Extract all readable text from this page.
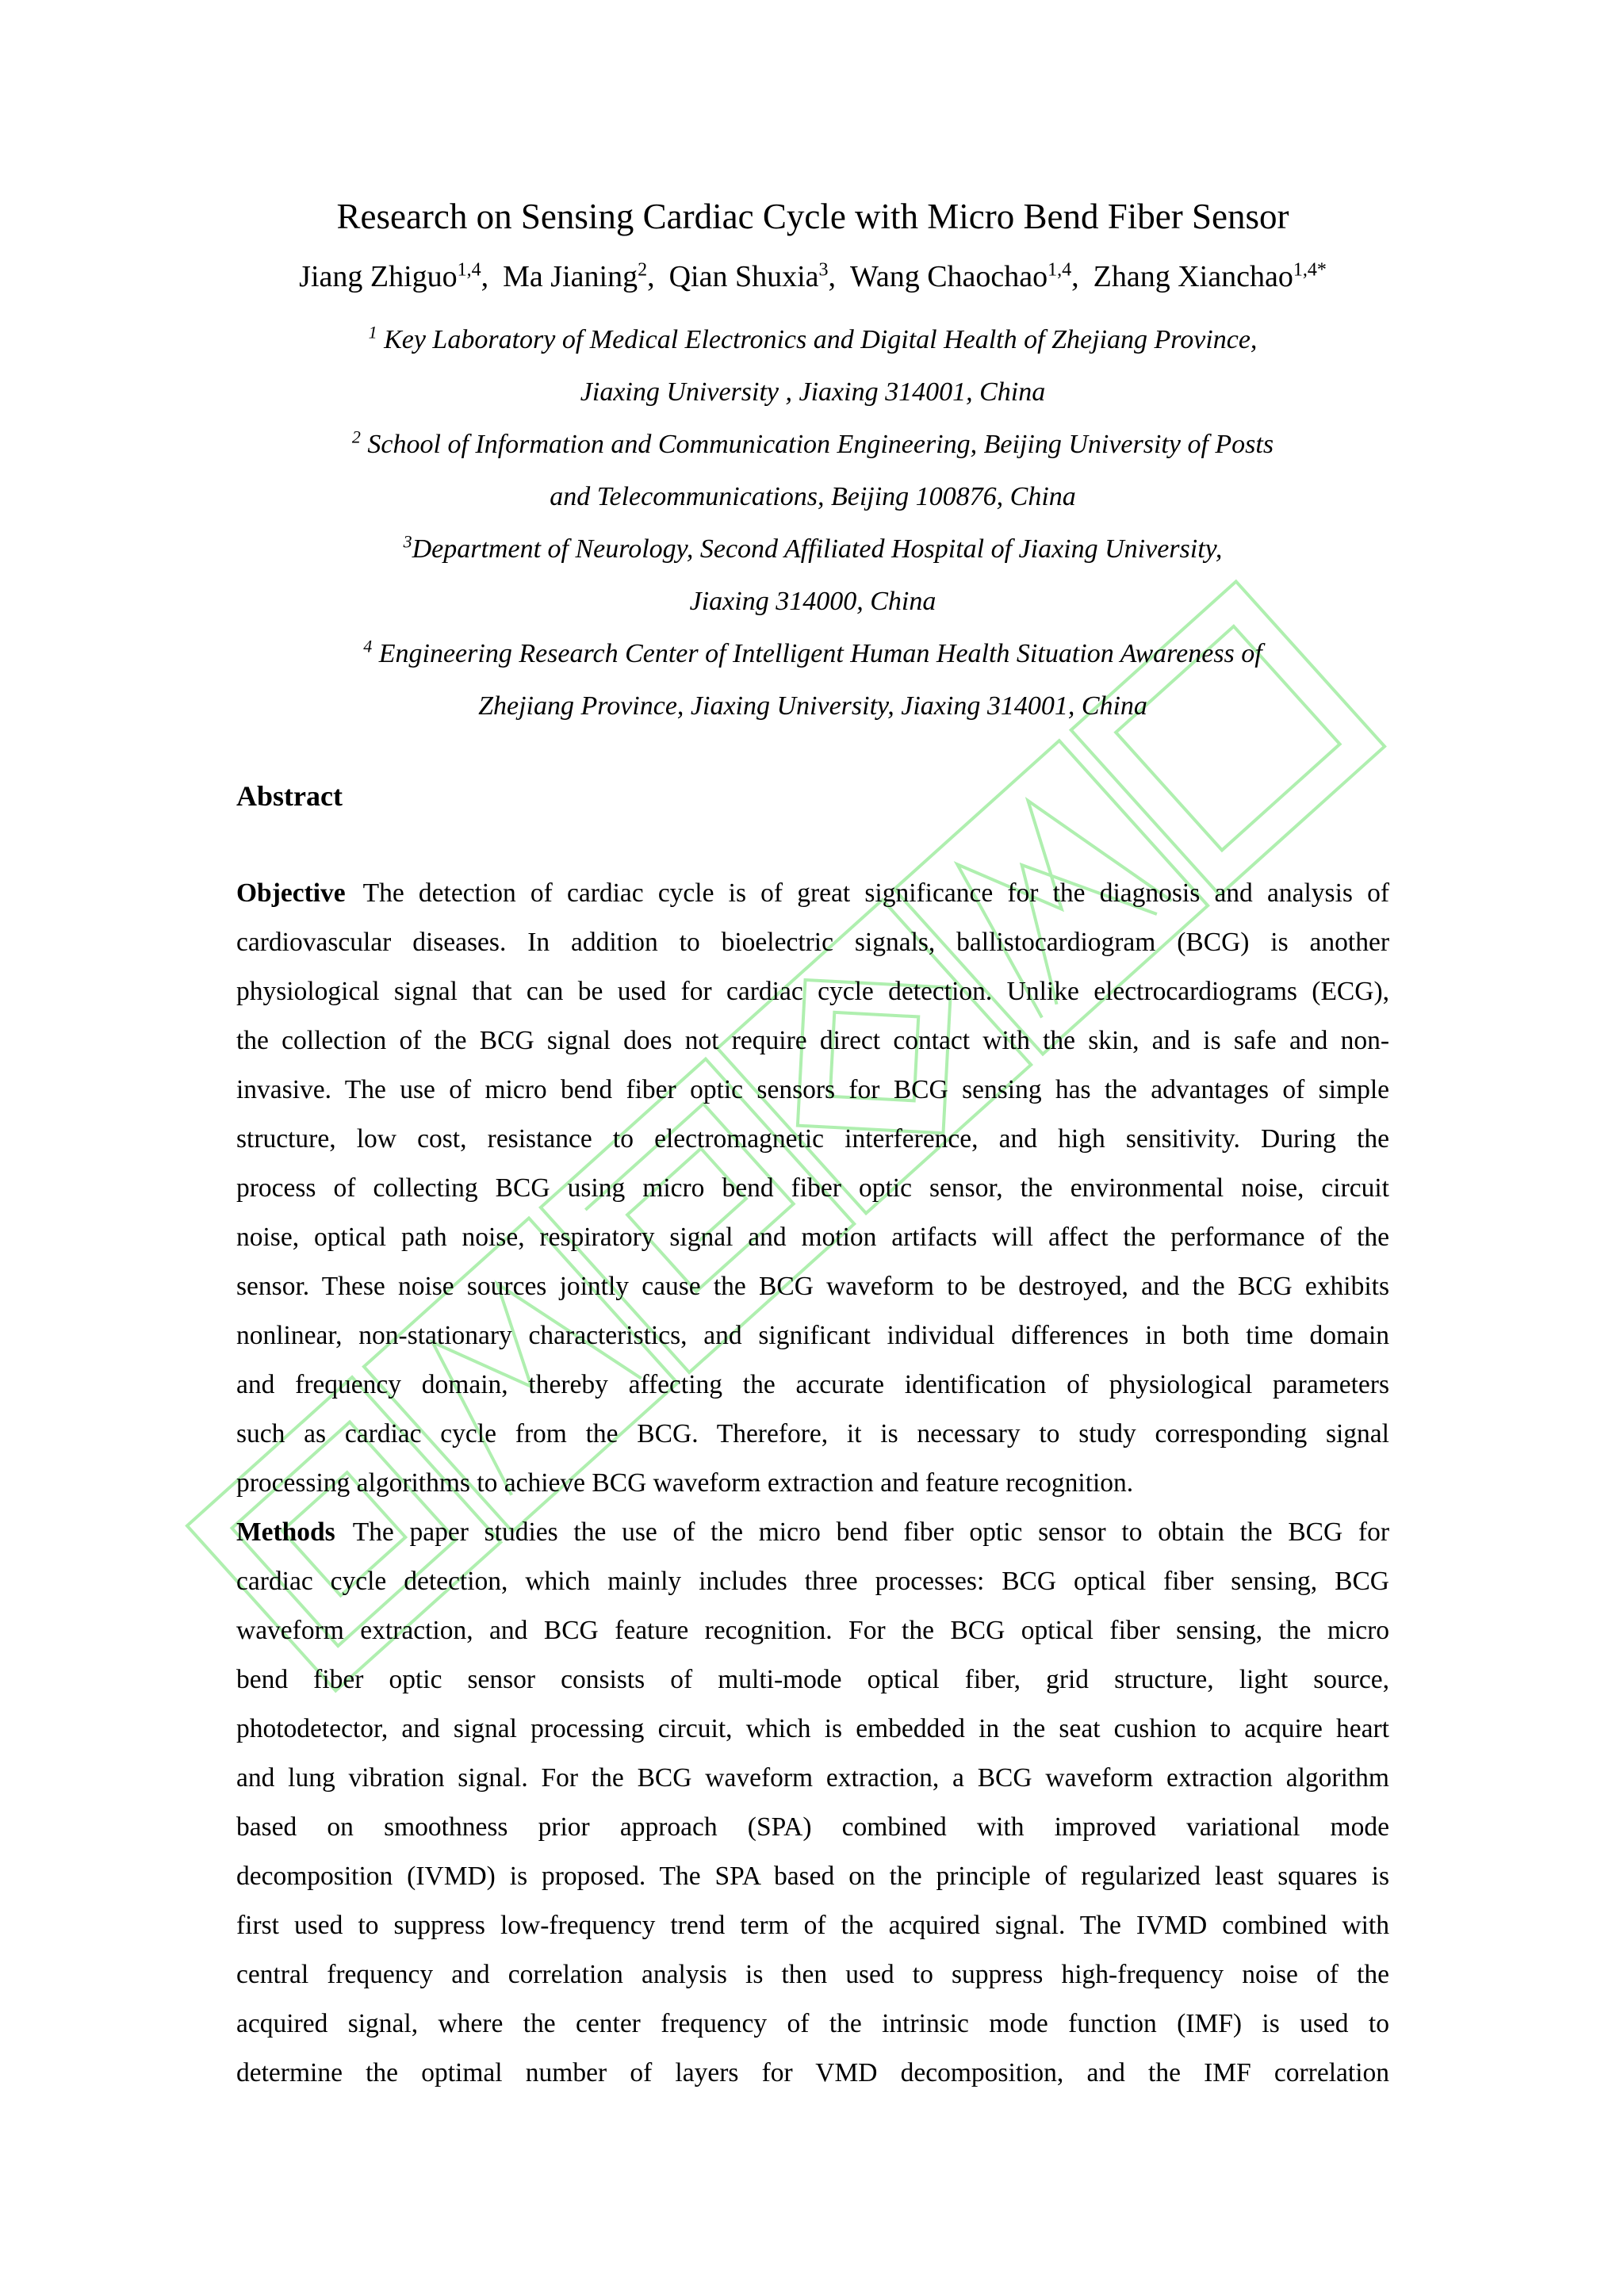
Research on Sensing Cardiac Cycle with Micro Bend Fiber Sensor
Jiang Zhiguo$^{1,4}$, Ma Jianing$^2$, Qian Shuxia$^3$, Wang Chaochao$^{1,4}$, Zhang Xianchao$^{1,4*}$
$^1$ Key Laboratory of Medical Electronics and Digital Health of Zhejiang Province,
Jiaxing University , Jiaxing 314001, China
$^2$ School of Information and Communication Engineering, Beijing University of Posts
and Telecommunications, Beijing 100876, China
$^3$Department of Neurology, Second Affiliated Hospital of Jiaxing University,
Jiaxing 314000, China
$^4$ Engineering Research Center of Intelligent Human Health Situation Awareness of
Zhejiang Province, Jiaxing University, Jiaxing 314001, China
Abstract
Objective The detection of cardiac cycle is of great significance for the diagnosis and analysis of
cardiovascular diseases. In addition to bioelectric signals, ballistocardiogram (BCG) is another
physiological signal that can be used for cardiac cycle detection. Unlike electrocardiograms (ECG),
the collection of the BCG signal does not require direct contact with the skin, and is safe and non-
invasive. The use of micro bend fiber optic sensors for BCG sensing has the advantages of simple
structure, low cost, resistance to electromagnetic interference, and high sensitivity. During the
process of collecting BCG using micro bend fiber optic sensor, the environmental noise, circuit
noise, optical path noise, respiratory signal and motion artifacts will affect the performance of the
sensor. These noise sources jointly cause the BCG waveform to be destroyed, and the BCG exhibits
nonlinear, non-stationary characteristics, and significant individual differences in both time domain
and frequency domain, thereby affecting the accurate identification of physiological parameters
such as cardiac cycle from the BCG. Therefore, it is necessary to study corresponding signal
processing algorithms to achieve BCG waveform extraction and feature recognition.
Methods The paper studies the use of the micro bend fiber optic sensor to obtain the BCG for
cardiac cycle detection, which mainly includes three processes: BCG optical fiber sensing, BCG
waveform extraction, and BCG feature recognition. For the BCG optical fiber sensing, the micro
bend fiber optic sensor consists of multi-mode optical fiber, grid structure, light source,
photodetector, and signal processing circuit, which is embedded in the seat cushion to acquire heart
and lung vibration signal. For the BCG waveform extraction, a BCG waveform extraction algorithm
based on smoothness prior approach (SPA) combined with improved variational mode
decomposition (IVMD) is proposed. The SPA based on the principle of regularized least squares is
first used to suppress low-frequency trend term of the acquired signal. The IVMD combined with
central frequency and correlation analysis is then used to suppress high-frequency noise of the
acquired signal, where the center frequency of the intrinsic mode function (IMF) is used to
determine the optimal number of layers for VMD decomposition, and the IMF correlation
